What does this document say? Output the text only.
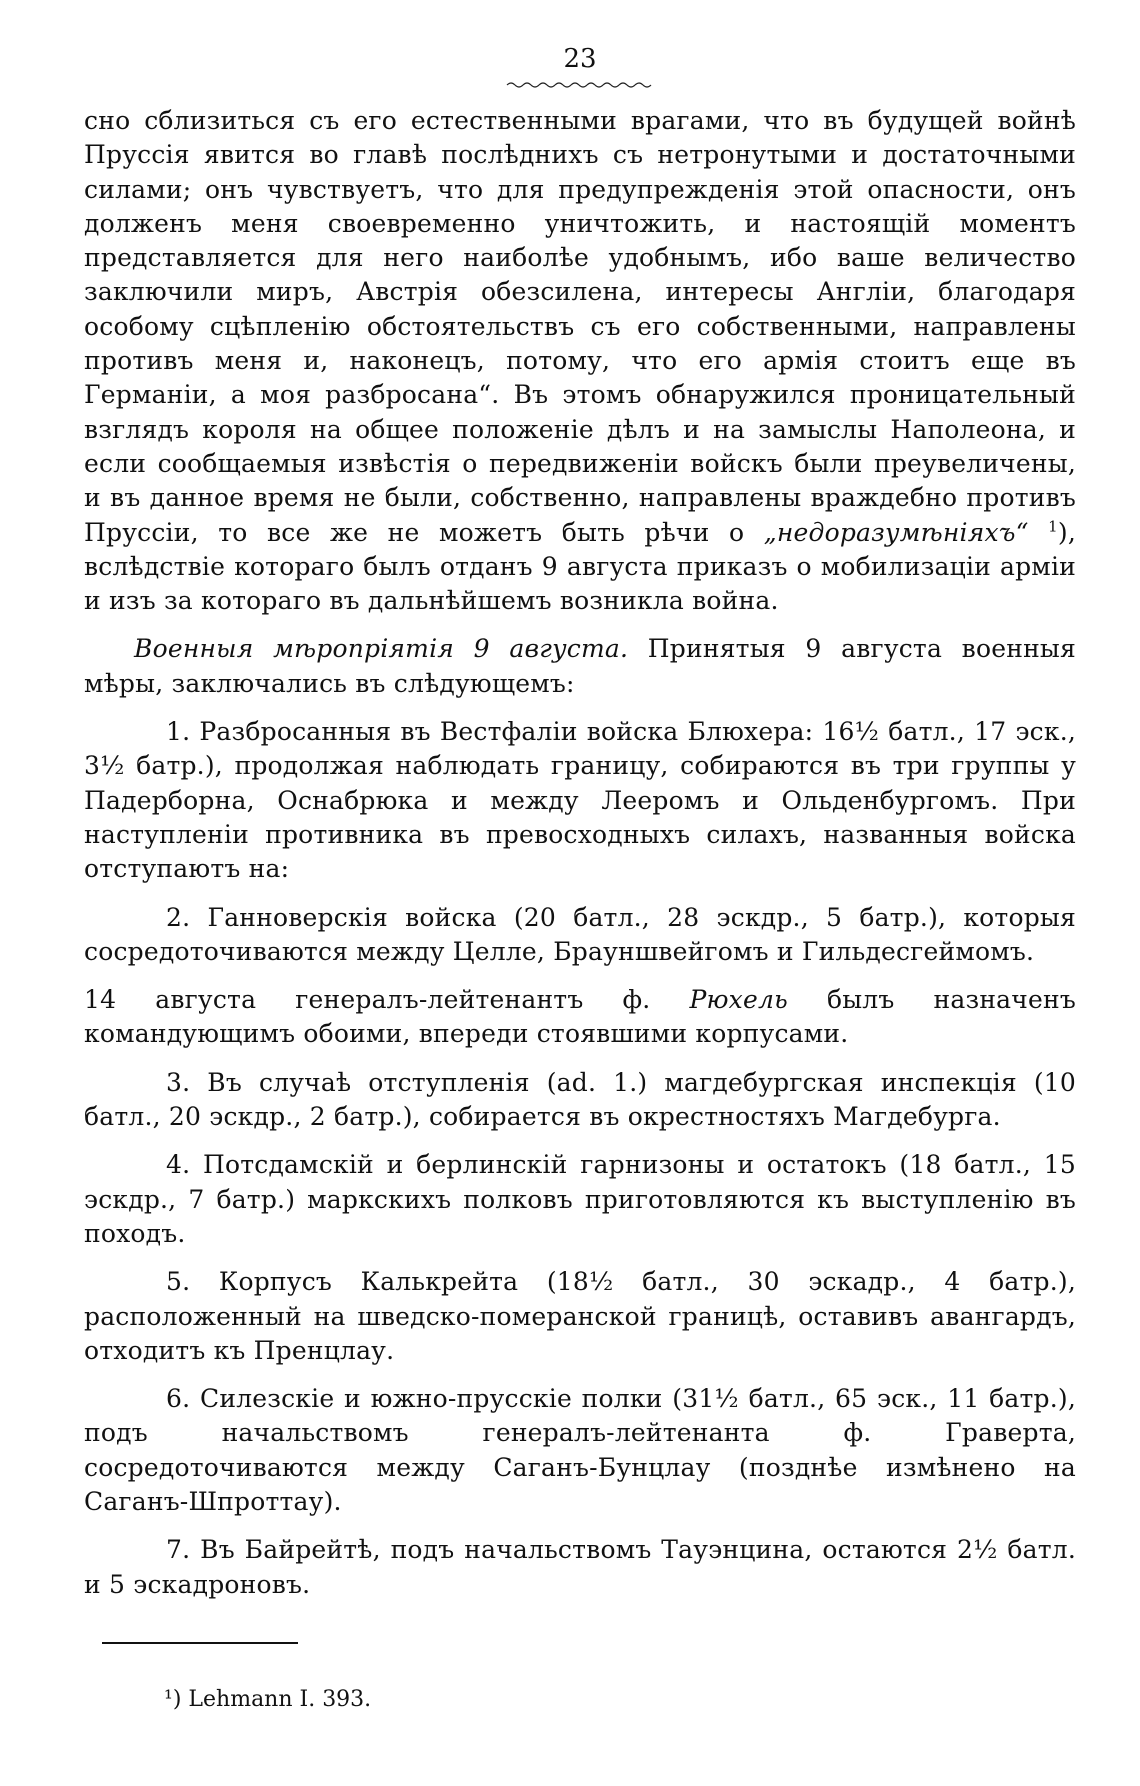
23

сно сблизиться съ его естественными врагами, что въ будущей войнѣ Пруссія явится во главѣ послѣднихъ съ нетронутыми и достаточными силами; онъ чувствуетъ, что для предупрежденія этой опасности, онъ долженъ меня своевременно уничтожить, и настоящій моментъ представляется для него наиболѣе удобнымъ, ибо ваше величество заключили миръ, Австрія обезсилена, интересы Англіи, благодаря особому сцѣпленію обстоятельствъ съ его собственными, направлены противъ меня и, наконецъ, потому, что его армія стоитъ еще въ Германіи, а моя разбросана“. Въ этомъ обнаружился проницательный взглядъ короля на общее положеніе дѣлъ и на замыслы Наполеона, и если сообщаемыя извѣстія о передвиженіи войскъ были преувеличены, и въ данное время не были, собственно, направлены враждебно противъ Пруссіи, то все же не можетъ быть рѣчи о „недоразумѣніяхъ“ $^1$), вслѣдствіе котораго былъ отданъ 9 августа приказъ о мобилизаціи арміи и изъ за котораго въ дальнѣйшемъ возникла война.

Военныя мѣропріятія 9 августа. Принятыя 9 августа военныя мѣры, заключались въ слѣдующемъ:

1. Разбросанныя въ Вестфаліи войска Блюхера: 16½ батл., 17 эск., 3½ батр.), продолжая наблюдать границу, собираются въ три группы у Падерборна, Оснабрюка и между Лееромъ и Ольденбургомъ. При наступленіи противника въ превосходныхъ силахъ, названныя войска отступаютъ на:

2. Ганноверскія войска (20 батл., 28 эскдр., 5 батр.), которыя сосредоточиваются между Целле, Брауншвейгомъ и Гильдесгеймомъ.

14 августа генералъ-лейтенантъ ф. Рюхель былъ назначенъ командующимъ обоими, впереди стоявшими корпусами.

3. Въ случаѣ отступленія (ad. 1.) магдебургская инспекція (10 батл., 20 эскдр., 2 батр.), собирается въ окрестностяхъ Магдебурга.

4. Потсдамскій и берлинскій гарнизоны и остатокъ (18 батл., 15 эскдр., 7 батр.) маркскихъ полковъ приготовляются къ выступленію въ походъ.

5. Корпусъ Калькрейта (18½ батл., 30 эскадр., 4 батр.), расположенный на шведско-померанской границѣ, оставивъ авангардъ, отходитъ къ Пренцлау.

6. Силезскіе и южно-прусскіе полки (31½ батл., 65 эск., 11 батр.), подъ начальствомъ генералъ-лейтенанта ф. Граверта, сосредоточиваются между Саганъ-Бунцлау (позднѣе измѣнено на Саганъ-Шпроттау).

7. Въ Байрейтѣ, подъ начальствомъ Тауэнцина, остаются 2½ батл. и 5 эскадроновъ.

¹) Lehmann I. 393.
